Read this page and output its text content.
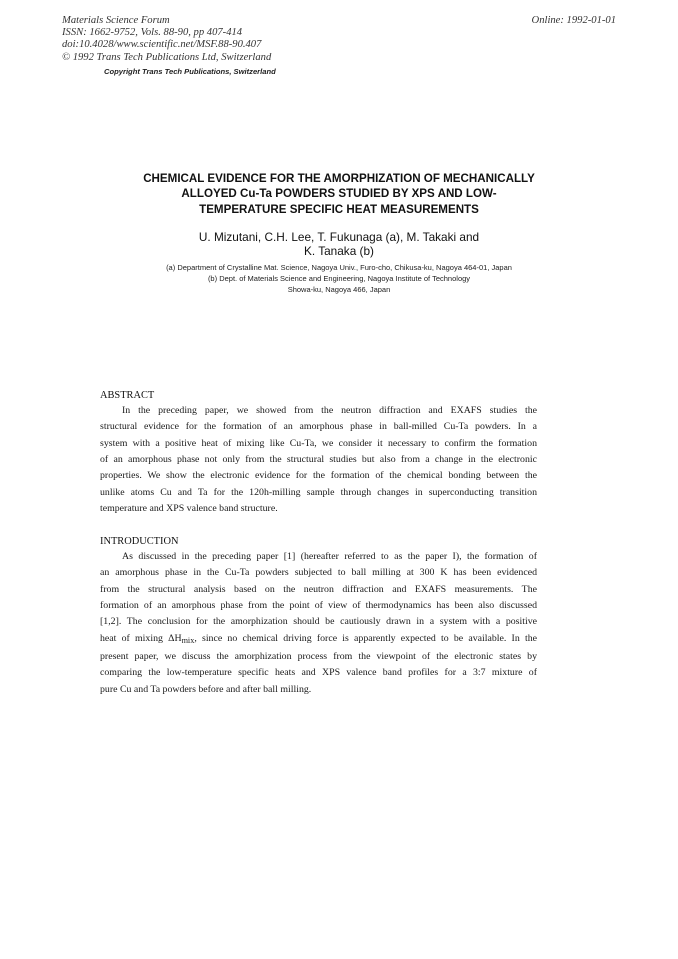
Materials Science Forum
ISSN: 1662-9752, Vols. 88-90, pp 407-414
doi:10.4028/www.scientific.net/MSF.88-90.407
© 1992 Trans Tech Publications Ltd, Switzerland
Online: 1992-01-01
Copyright Trans Tech Publications, Switzerland
CHEMICAL EVIDENCE FOR THE AMORPHIZATION OF MECHANICALLY
ALLOYED Cu-Ta POWDERS STUDIED BY XPS AND LOW-
TEMPERATURE SPECIFIC HEAT MEASUREMENTS
U. Mizutani, C.H. Lee, T. Fukunaga (a), M. Takaki and
K. Tanaka (b)
(a) Department of Crystalline Mat. Science, Nagoya Univ., Furo-cho, Chikusa-ku, Nagoya 464-01, Japan
(b) Dept. of Materials Science and Engineering, Nagoya Institute of Technology
Showa-ku, Nagoya 466, Japan
ABSTRACT
In the preceding paper, we showed from the neutron diffraction and EXAFS studies the
structural evidence for the formation of an amorphous phase in ball-milled Cu-Ta powders. In a
system with a positive heat of mixing like Cu-Ta, we consider it necessary to confirm the formation
of an amorphous phase not only from the structural studies but also from a change in the electronic
properties. We show the electronic evidence for the formation of the chemical bonding between the
unlike atoms Cu and Ta for the 120h-milling sample through changes in superconducting transition
temperature and XPS valence band structure.
INTRODUCTION
As discussed in the preceding paper [1] (hereafter referred to as the paper I), the formation of
an amorphous phase in the Cu-Ta powders subjected to ball milling at 300 K has been evidenced
from the structural analysis based on the neutron diffraction and EXAFS measurements. The
formation of an amorphous phase from the point of view of thermodynamics has been also discussed
[1,2]. The conclusion for the amorphization should be cautiously drawn in a system with a positive
heat of mixing $\Delta H_{mix}$, since no chemical driving force is apparently expected to be available. In the
present paper, we discuss the amorphization process from the viewpoint of the electronic states by
comparing the low-temperature specific heats and XPS valence band profiles for a 3:7 mixture of
pure Cu and Ta powders before and after ball milling.
